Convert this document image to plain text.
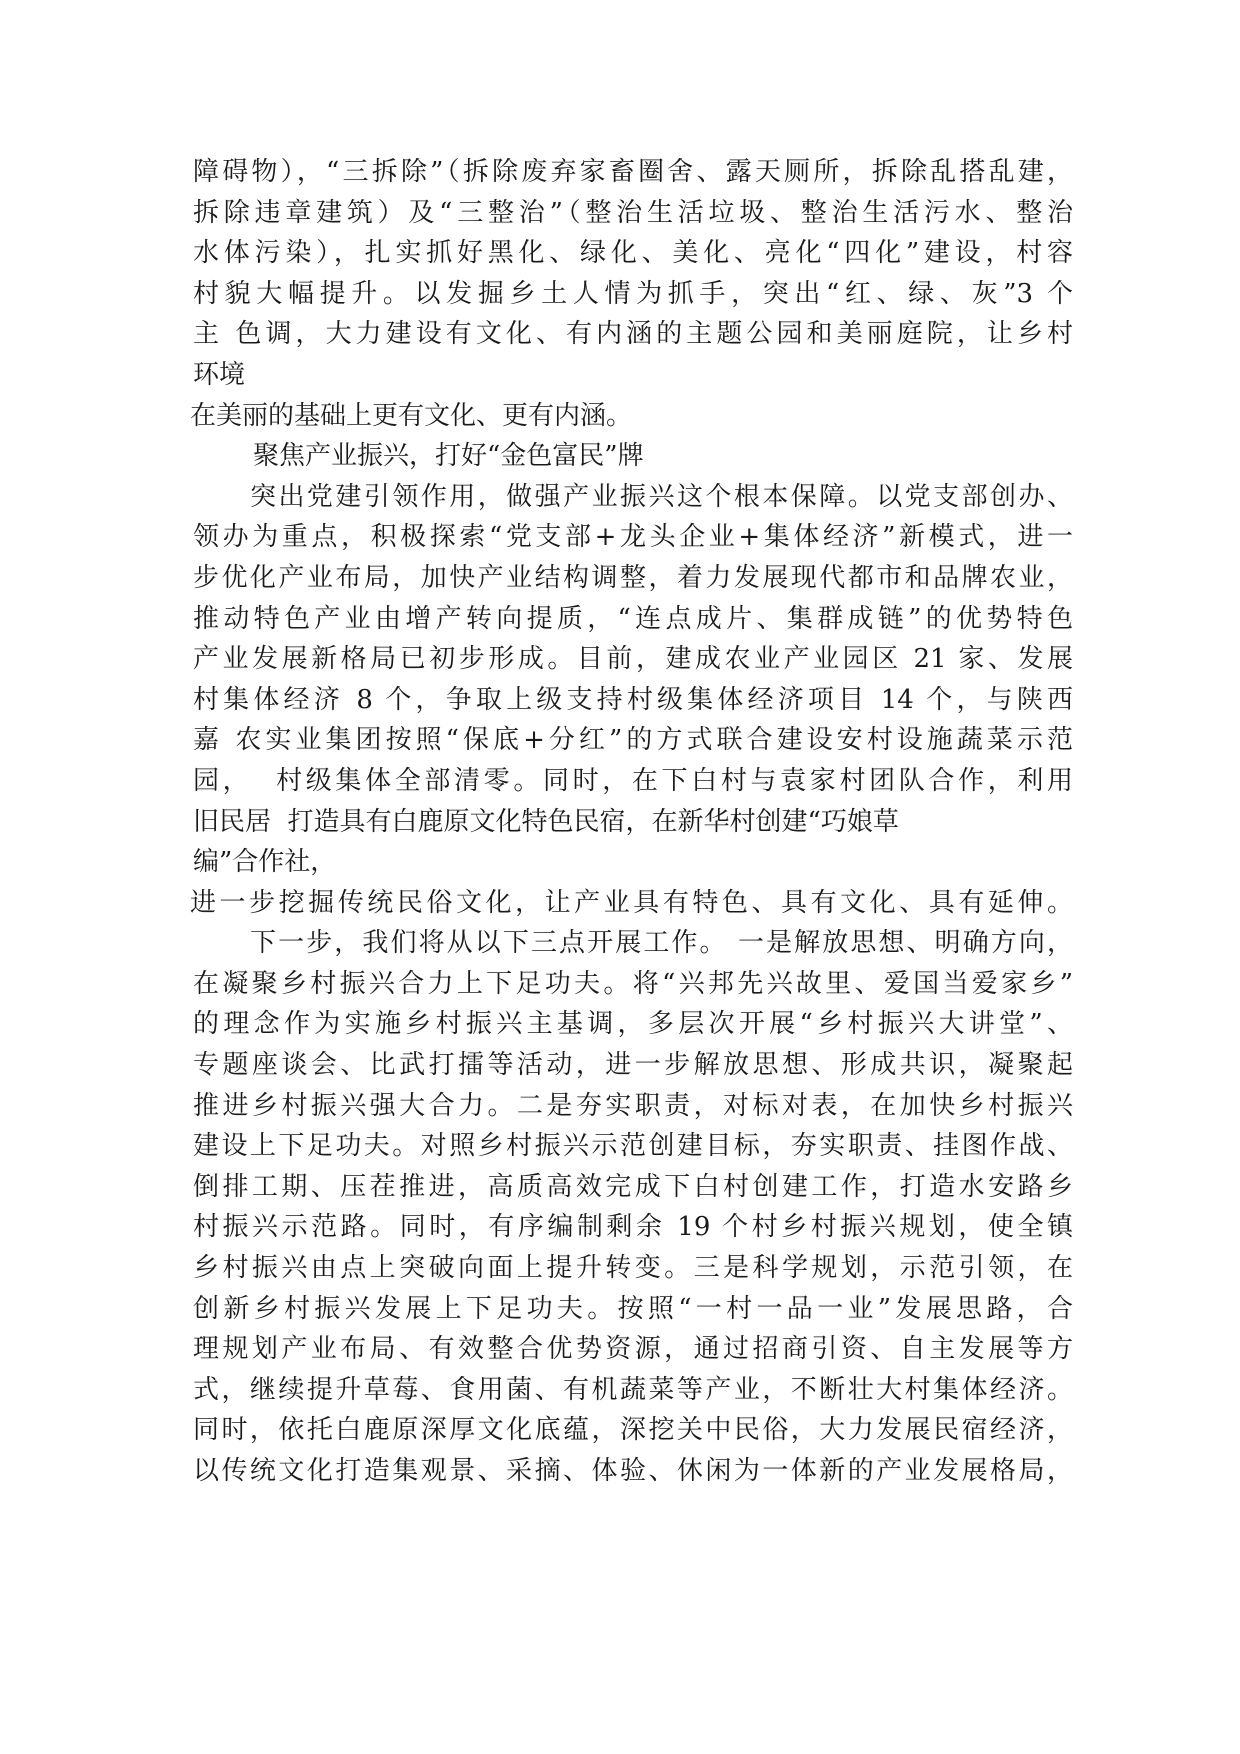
障碍物），“三拆除”（拆除废弃家畜圈舍、露天厕所，拆除乱搭乱建，
拆除违章建筑）及“三整治”（整治生活垃圾、整治生活污水、整治
水体污染），扎实抓好黑化、绿化、美化、亮化“四化”建设，村容
村貌大幅提升。以发掘乡土人情为抓手，突出“红、绿、灰”3 个
主 色调，大力建设有文化、有内涵的主题公园和美丽庭院，让乡村
环境
在美丽的基础上更有文化、更有内涵。
聚焦产业振兴，打好“金色富民”牌
突出党建引领作用，做强产业振兴这个根本保障。以党支部创办、
领办为重点，积极探索“党支部+龙头企业+集体经济”新模式，进一
步优化产业布局，加快产业结构调整，着力发展现代都市和品牌农业，
推动特色产业由增产转向提质，“连点成片、集群成链”的优势特色
产业发展新格局已初步形成。目前，建成农业产业园区 21 家、发展
村集体经济 8 个，争取上级支持村级集体经济项目 14 个，与陕西
嘉 农实业集团按照“保底+分红”的方式联合建设安村设施蔬菜示范
园，  村级集体全部清零。同时，在下白村与袁家村团队合作，利用
旧民居  打造具有白鹿原文化特色民宿，在新华村创建“巧娘草
编”合作社，
进一步挖掘传统民俗文化，让产业具有特色、具有文化、具有延伸。
下一步，我们将从以下三点开展工作。 一是解放思想、明确方向，
在凝聚乡村振兴合力上下足功夫。将“兴邦先兴故里、爱国当爱家乡”
的理念作为实施乡村振兴主基调，多层次开展“乡村振兴大讲堂”、
专题座谈会、比武打擂等活动，进一步解放思想、形成共识，凝聚起
推进乡村振兴强大合力。二是夯实职责，对标对表，在加快乡村振兴
建设上下足功夫。对照乡村振兴示范创建目标，夯实职责、挂图作战、
倒排工期、压茬推进，高质高效完成下白村创建工作，打造水安路乡
村振兴示范路。同时，有序编制剩余 19 个村乡村振兴规划，使全镇
乡村振兴由点上突破向面上提升转变。三是科学规划，示范引领，在
创新乡村振兴发展上下足功夫。按照“一村一品一业”发展思路，合
理规划产业布局、有效整合优势资源，通过招商引资、自主发展等方
式，继续提升草莓、食用菌、有机蔬菜等产业，不断壮大村集体经济。
同时，依托白鹿原深厚文化底蕴，深挖关中民俗，大力发展民宿经济，
以传统文化打造集观景、采摘、体验、休闲为一体新的产业发展格局，
